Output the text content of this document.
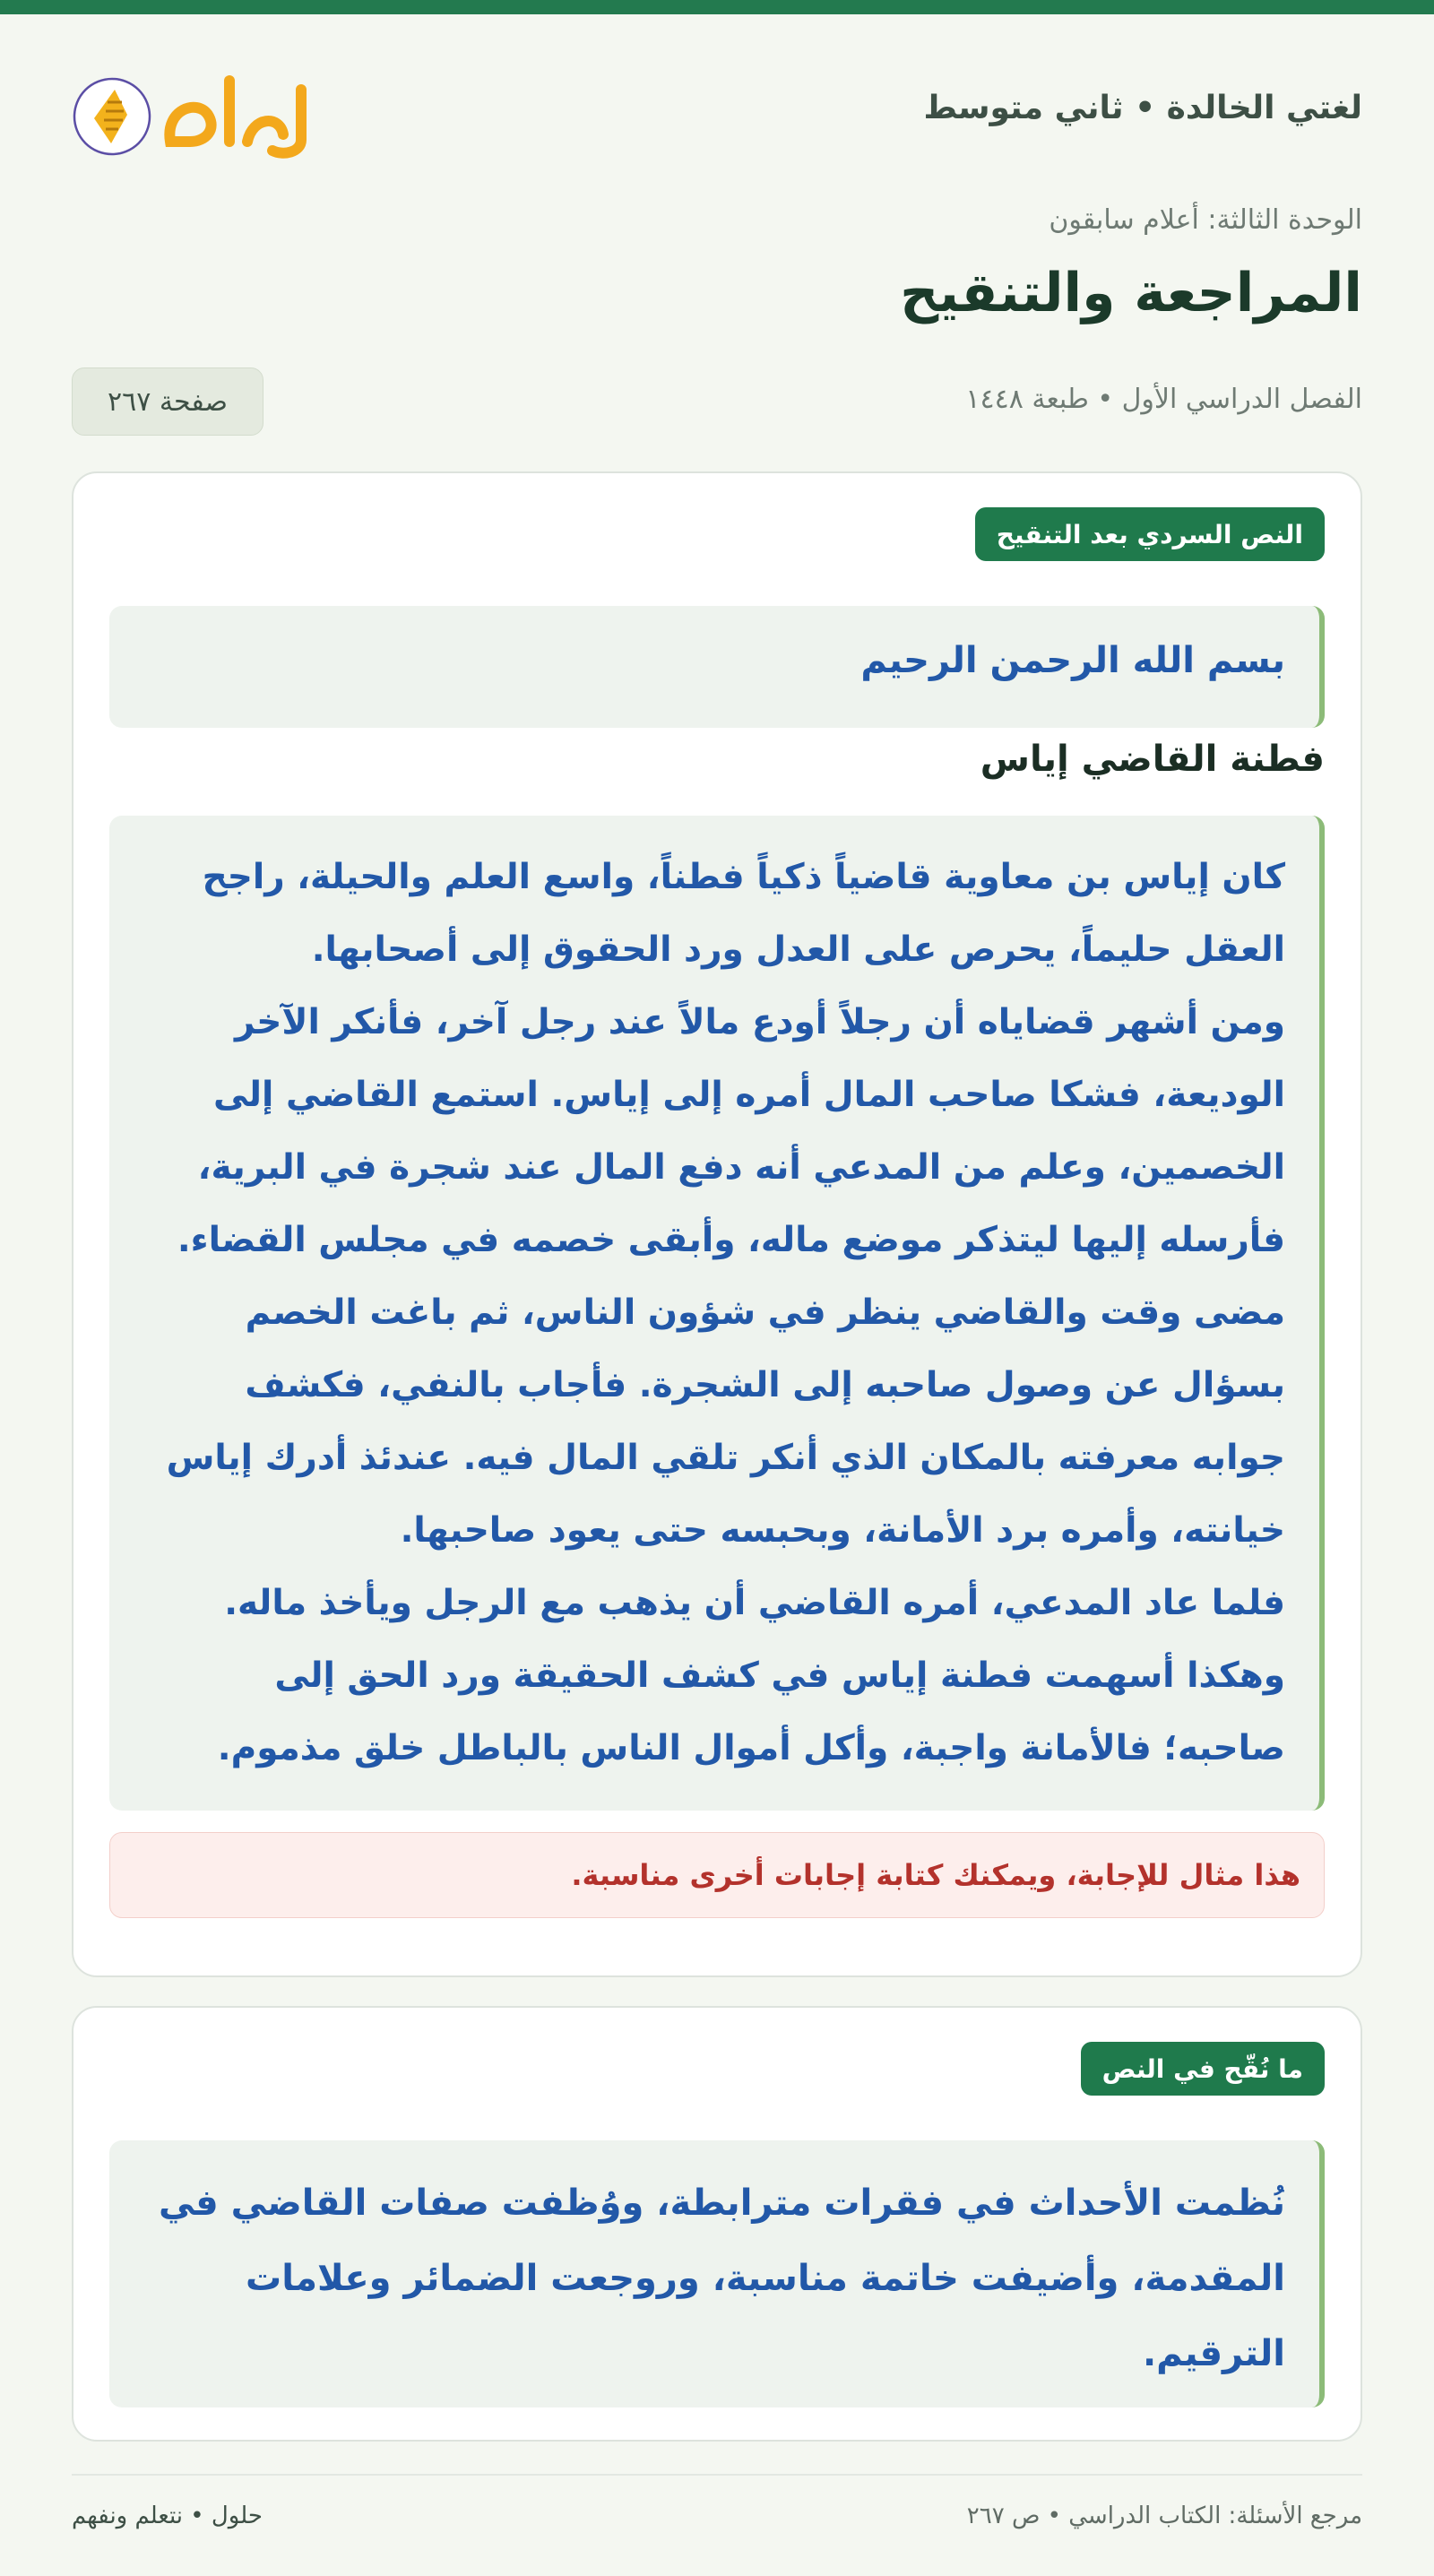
لغتي الخالدة • ثاني متوسط
الوحدة الثالثة: أعلام سابقون
المراجعة والتنقيح
الفصل الدراسي الأول • طبعة ١٤٤٨
صفحة ٢٦٧
النص السردي بعد التنقيح
بسم الله الرحمن الرحيم
فطنة القاضي إياس

كان إياس بن معاوية قاضياً ذكياً فطناً، واسع العلم والحيلة، راجح العقل حليماً، يحرص على العدل ورد الحقوق إلى أصحابها.

ومن أشهر قضاياه أن رجلاً أودع مالاً عند رجل آخر، فأنكر الآخر الوديعة، فشكا صاحب المال أمره إلى إياس. استمع القاضي إلى الخصمين، وعلم من المدعي أنه دفع المال عند شجرة في البرية، فأرسله إليها ليتذكر موضع ماله، وأبقى خصمه في مجلس القضاء.

مضى وقت والقاضي ينظر في شؤون الناس، ثم باغت الخصم بسؤال عن وصول صاحبه إلى الشجرة. فأجاب بالنفي، فكشف جوابه معرفته بالمكان الذي أنكر تلقي المال فيه. عندئذ أدرك إياس خيانته، وأمره برد الأمانة، وبحبسه حتى يعود صاحبها.

فلما عاد المدعي، أمره القاضي أن يذهب مع الرجل ويأخذ ماله.

وهكذا أسهمت فطنة إياس في كشف الحقيقة ورد الحق إلى صاحبه؛ فالأمانة واجبة، وأكل أموال الناس بالباطل خلق مذموم.

هذا مثال للإجابة، ويمكنك كتابة إجابات أخرى مناسبة.
ما نُقّح في النص
نُظمت الأحداث في فقرات مترابطة، ووُظفت صفات القاضي في المقدمة، وأضيفت خاتمة مناسبة، وروجعت الضمائر وعلامات الترقيم.
مرجع الأسئلة: الكتاب الدراسي • ص ٢٦٧
حلول • نتعلم ونفهم
